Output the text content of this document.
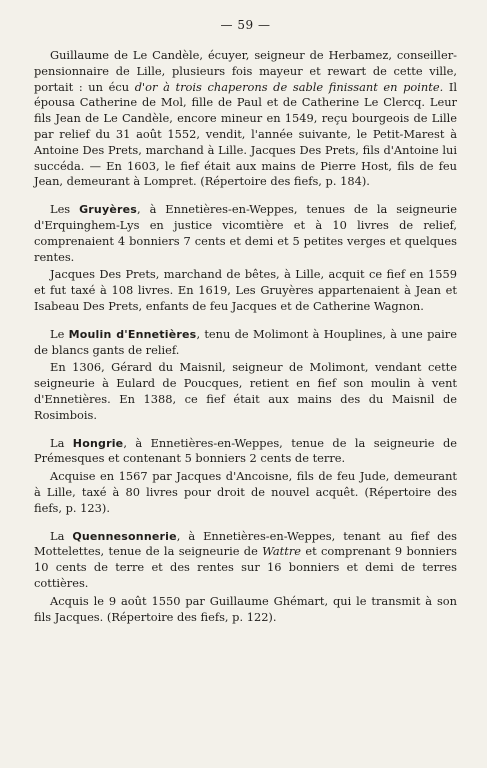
— 59 —

Guillaume de Le Candèle, écuyer, seigneur de Herbamez, conseiller-pensionnaire de Lille, plusieurs fois mayeur et rewart de cette ville, portait : un écu d'or à trois chaperons de sable finissant en pointe. Il épousa Catherine de Mol, fille de Paul et de Catherine Le Clercq. Leur fils Jean de Le Candèle, encore mineur en 1549, reçu bourgeois de Lille par relief du 31 août 1552, vendit, l'année suivante, le Petit-Marest à Antoine Des Prets, marchand à Lille. Jacques Des Prets, fils d'Antoine lui succéda. — En 1603, le fief était aux mains de Pierre Host, fils de feu Jean, demeurant à Lompret. (Répertoire des fiefs, p. 184).

Les Gruyères, à Ennetières-en-Weppes, tenues de la seigneurie d'Erquinghem-Lys en justice vicomtière et à 10 livres de relief, comprenaient 4 bonniers 7 cents et demi et 5 petites verges et quelques rentes.

Jacques Des Prets, marchand de bêtes, à Lille, acquit ce fief en 1559 et fut taxé à 108 livres. En 1619, Les Gruyères appartenaient à Jean et Isabeau Des Prets, enfants de feu Jacques et de Catherine Wagnon.

Le Moulin d'Ennetières, tenu de Molimont à Houplines, à une paire de blancs gants de relief.

En 1306, Gérard du Maisnil, seigneur de Molimont, vendant cette seigneurie à Eulard de Poucques, retient en fief son moulin à vent d'Ennetières. En 1388, ce fief était aux mains des du Maisnil de Rosimbois.

La Hongrie, à Ennetières-en-Weppes, tenue de la seigneurie de Prémesques et contenant 5 bonniers 2 cents de terre.

Acquise en 1567 par Jacques d'Ancoisne, fils de feu Jude, demeurant à Lille, taxé à 80 livres pour droit de nouvel acquêt. (Répertoire des fiefs, p. 123).

La Quennesonnerie, à Ennetières-en-Weppes, tenant au fief des Mottelettes, tenue de la seigneurie de Wattre et comprenant 9 bonniers 10 cents de terre et des rentes sur 16 bonniers et demi de terres cottières.

Acquis le 9 août 1550 par Guillaume Ghémart, qui le transmit à son fils Jacques. (Répertoire des fiefs, p. 122).
